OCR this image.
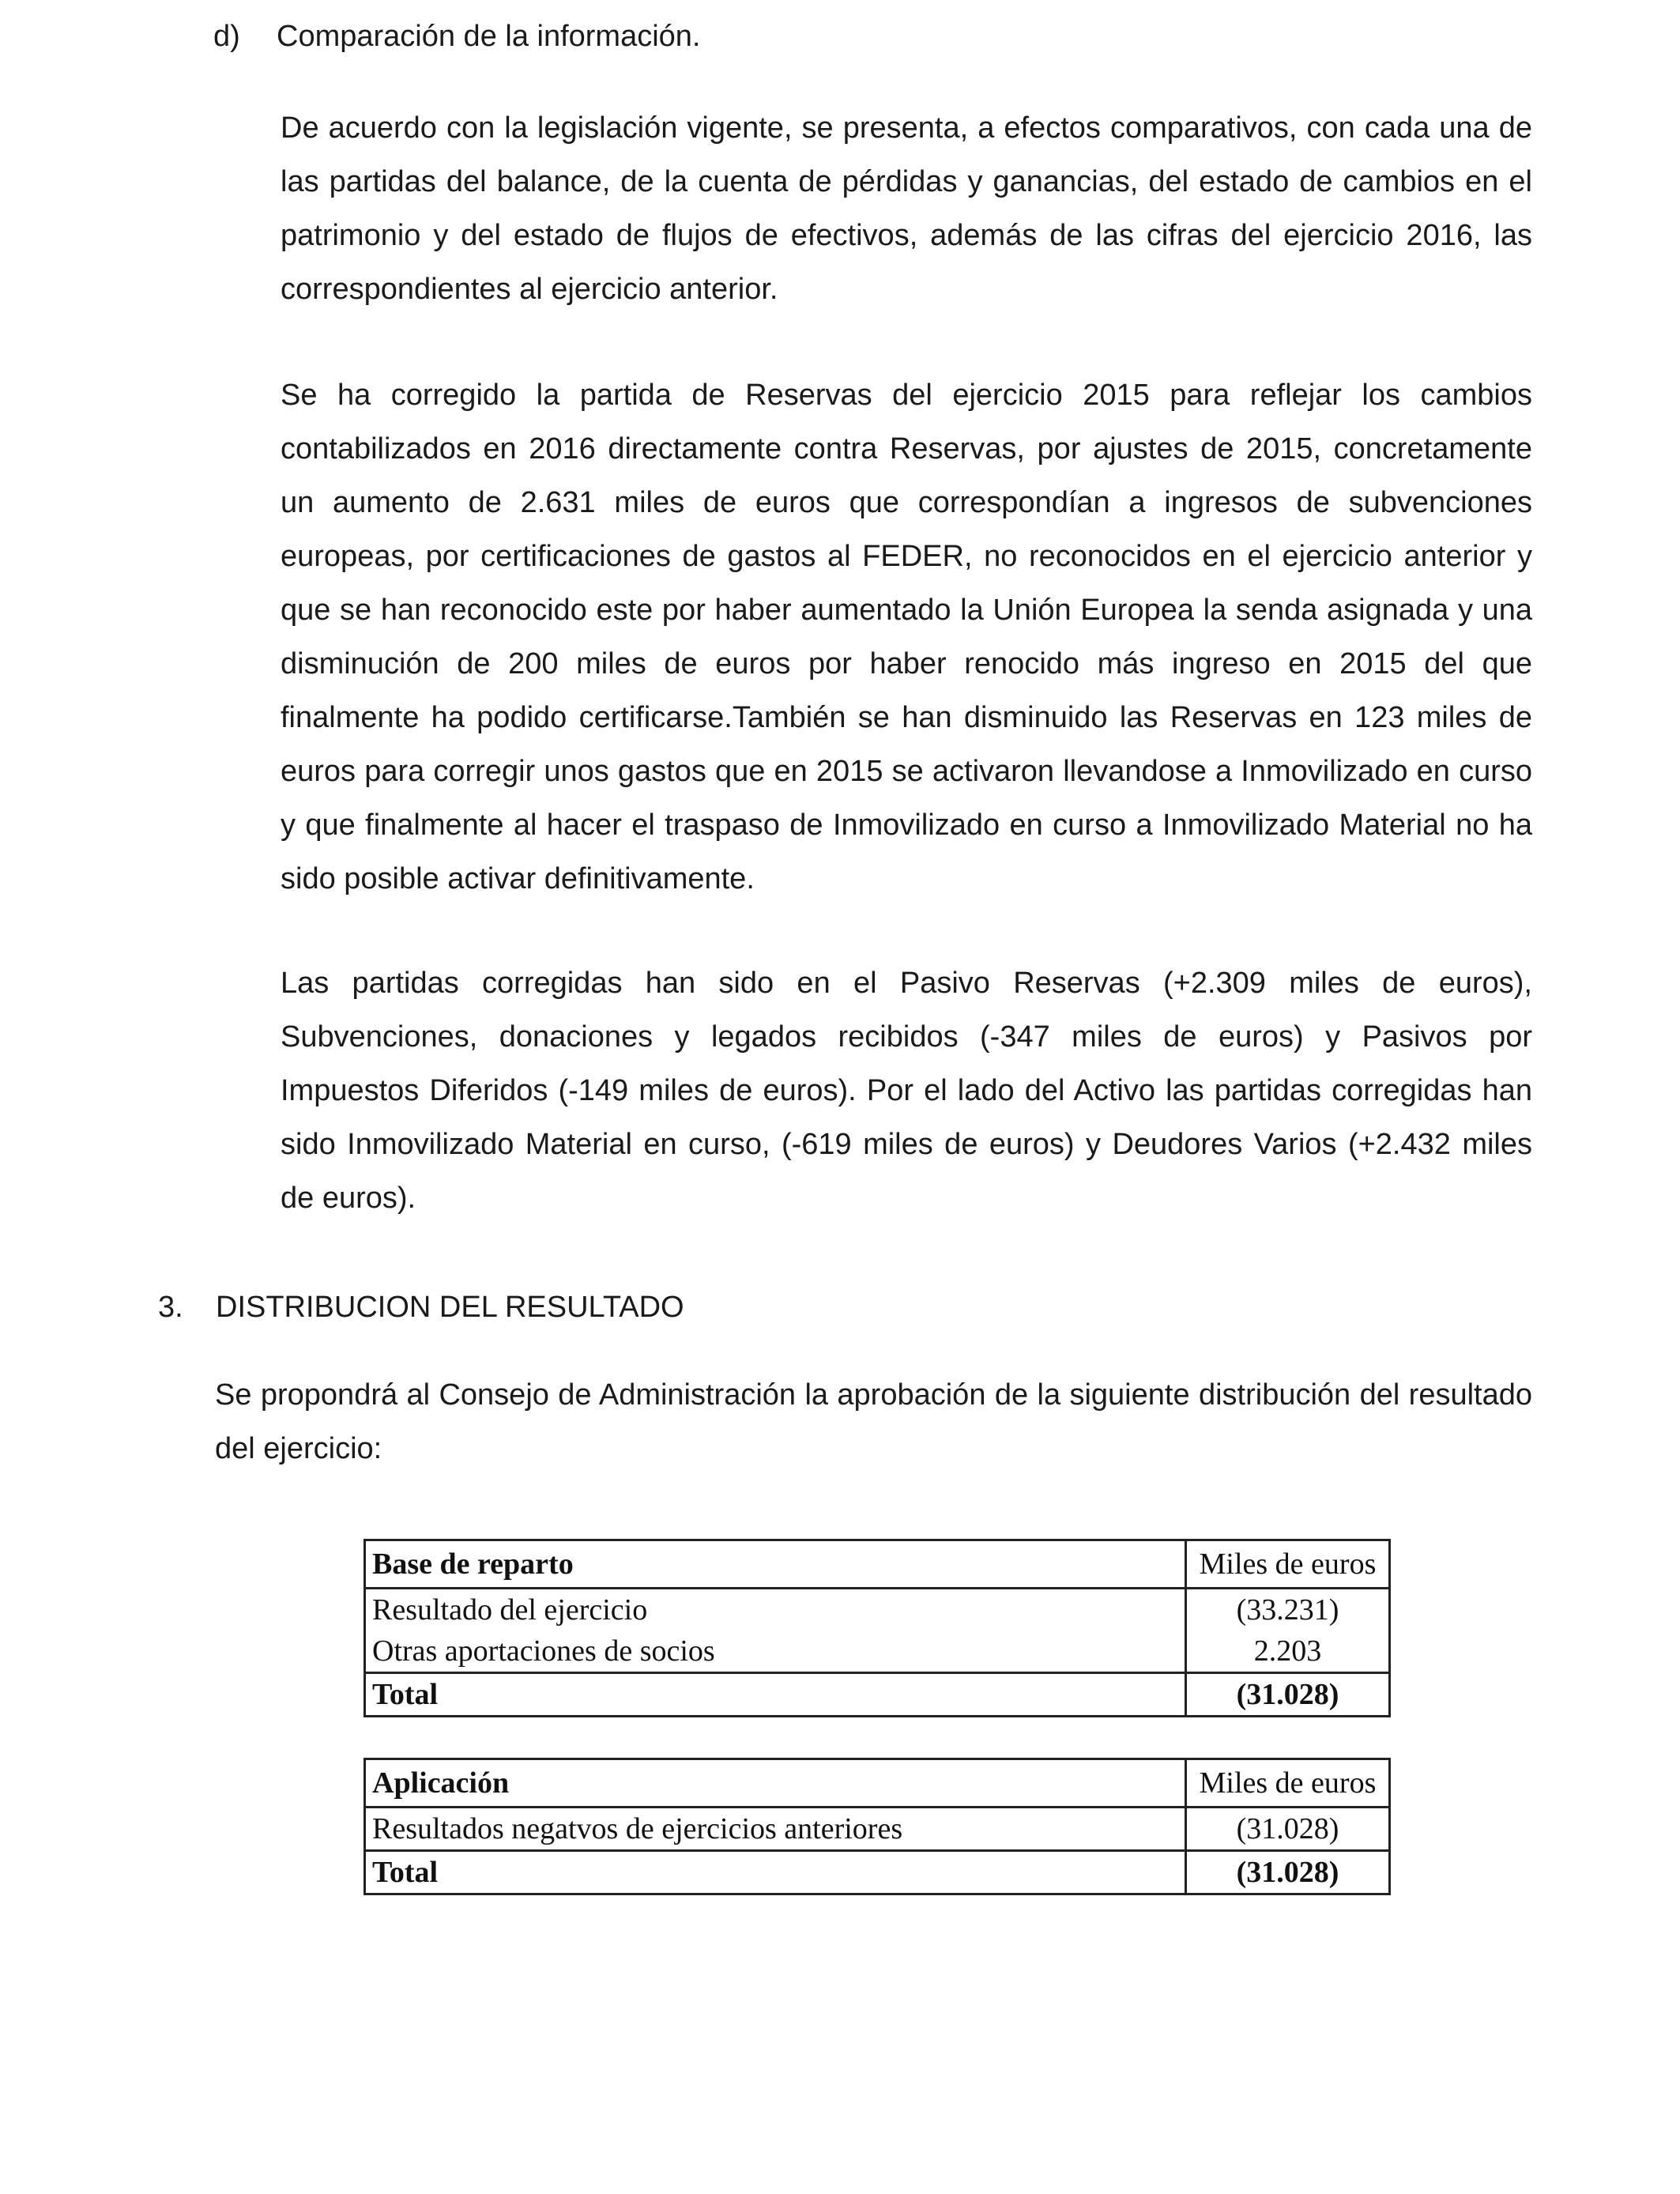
d) Comparación de la información.

De acuerdo con la legislación vigente, se presenta, a efectos comparativos, con cada una de las partidas del balance, de la cuenta de pérdidas y ganancias, del estado de cambios en el patrimonio y del estado de flujos de efectivos, además de las cifras del ejercicio 2016, las correspondientes al ejercicio anterior.

Se ha corregido la partida de Reservas del ejercicio 2015 para reflejar los cambios contabilizados en 2016 directamente contra Reservas, por ajustes de 2015, concretamente un aumento de 2.631 miles de euros que correspondían a ingresos de subvenciones europeas, por certificaciones de gastos al FEDER, no reconocidos en el ejercicio anterior y que se han reconocido este por haber aumentado la Unión Europea la senda asignada y una disminución de 200 miles de euros por haber renocido más ingreso en 2015 del que finalmente ha podido certificarse.También se han disminuido las Reservas en 123 miles de euros para corregir unos gastos que en 2015 se activaron llevandose a Inmovilizado en curso y que finalmente al hacer el traspaso de Inmovilizado en curso a Inmovilizado Material no ha sido posible activar definitivamente.

Las partidas corregidas han sido en el Pasivo Reservas (+2.309 miles de euros), Subvenciones, donaciones y legados recibidos (-347 miles de euros) y Pasivos por Impuestos Diferidos (-149 miles de euros). Por el lado del Activo las partidas corregidas han sido Inmovilizado Material en curso, (-619 miles de euros) y Deudores Varios (+2.432 miles de euros).

3. DISTRIBUCION DEL RESULTADO

Se propondrá al Consejo de Administración la aprobación de la siguiente distribución del resultado del ejercicio:

Base de reparto	Miles de euros
Resultado del ejercicio	(33.231)
Otras aportaciones de socios	2.203
Total	(31.028)
Aplicación	Miles de euros
Resultados negatvos de ejercicios anteriores	(31.028)
Total	(31.028)
